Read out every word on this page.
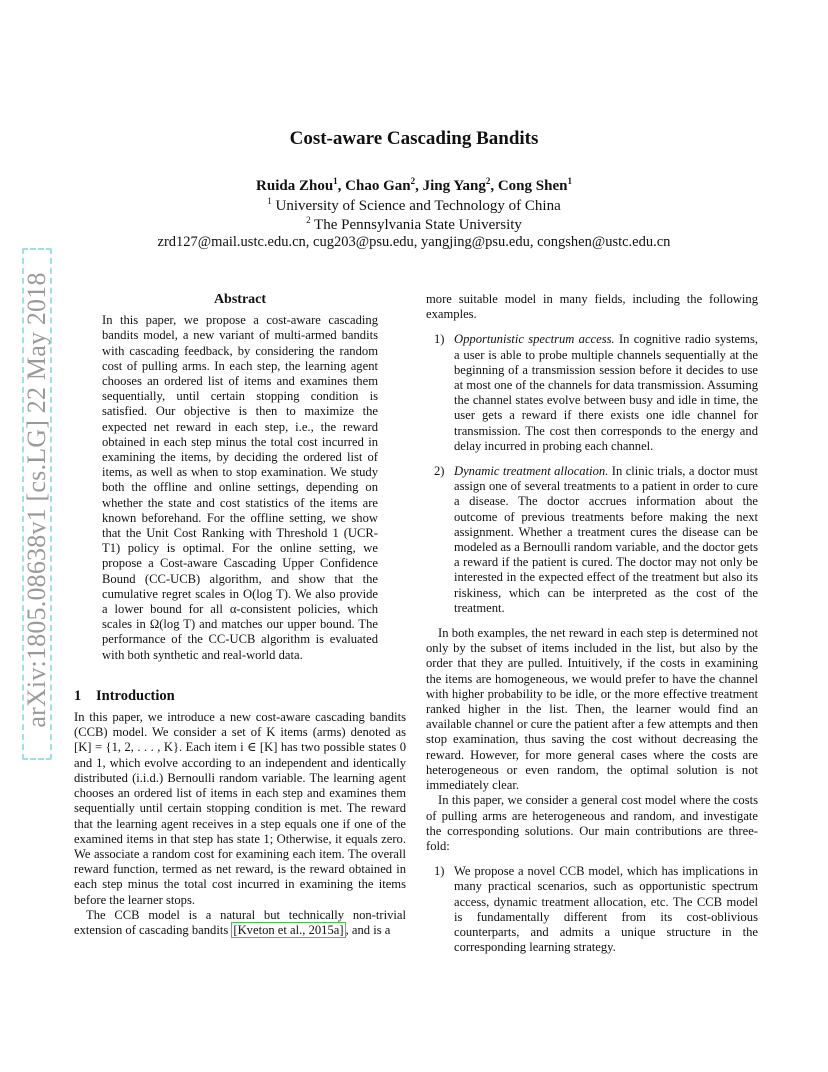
arXiv:1805.08638v1 [cs.LG] 22 May 2018
Cost-aware Cascading Bandits
Ruida Zhou$^1$, Chao Gan$^2$, Jing Yang$^2$, Cong Shen$^1$
$^1$ University of Science and Technology of China
$^2$ The Pennsylvania State University
zrd127@mail.ustc.edu.cn, cug203@psu.edu, yangjing@psu.edu, congshen@ustc.edu.cn
Abstract
In this paper, we propose a cost-aware cascading bandits model, a new variant of multi-armed bandits with cascading feedback, by considering the random cost of pulling arms. In each step, the learning agent chooses an ordered list of items and examines them sequentially, until certain stopping condition is satisfied. Our objective is then to maximize the expected net reward in each step, i.e., the reward obtained in each step minus the total cost incurred in examining the items, by deciding the ordered list of items, as well as when to stop examination. We study both the offline and online settings, depending on whether the state and cost statistics of the items are known beforehand. For the offline setting, we show that the Unit Cost Ranking with Threshold 1 (UCR-T1) policy is optimal. For the online setting, we propose a Cost-aware Cascading Upper Confidence Bound (CC-UCB) algorithm, and show that the cumulative regret scales in O(log T). We also provide a lower bound for all α-consistent policies, which scales in Ω(log T) and matches our upper bound. The performance of the CC-UCB algorithm is evaluated with both synthetic and real-world data.
1 Introduction

In this paper, we introduce a new cost-aware cascading bandits (CCB) model. We consider a set of K items (arms) denoted as [K] = {1, 2, . . . , K}. Each item i ∈ [K] has two possible states 0 and 1, which evolve according to an independent and identically distributed (i.i.d.) Bernoulli random variable. The learning agent chooses an ordered list of items in each step and examines them sequentially until certain stopping condition is met. The reward that the learning agent receives in a step equals one if one of the examined items in that step has state 1; Otherwise, it equals zero. We associate a random cost for examining each item. The overall reward function, termed as net reward, is the reward obtained in each step minus the total cost incurred in examining the items before the learner stops.

The CCB model is a natural but technically non-trivial extension of cascading bandits [Kveton et al., 2015a] , and is a

more suitable model in many fields, including the following examples.

1) Opportunistic spectrum access. In cognitive radio systems, a user is able to probe multiple channels sequentially at the beginning of a transmission session before it decides to use at most one of the channels for data transmission. Assuming the channel states evolve between busy and idle in time, the user gets a reward if there exists one idle channel for transmission. The cost then corresponds to the energy and delay incurred in probing each channel.
2) Dynamic treatment allocation. In clinic trials, a doctor must assign one of several treatments to a patient in order to cure a disease. The doctor accrues information about the outcome of previous treatments before making the next assignment. Whether a treatment cures the disease can be modeled as a Bernoulli random variable, and the doctor gets a reward if the patient is cured. The doctor may not only be interested in the expected effect of the treatment but also its riskiness, which can be interpreted as the cost of the treatment.

In both examples, the net reward in each step is determined not only by the subset of items included in the list, but also by the order that they are pulled. Intuitively, if the costs in examining the items are homogeneous, we would prefer to have the channel with higher probability to be idle, or the more effective treatment ranked higher in the list. Then, the learner would find an available channel or cure the patient after a few attempts and then stop examination, thus saving the cost without decreasing the reward. However, for more general cases where the costs are heterogeneous or even random, the optimal solution is not immediately clear.

In this paper, we consider a general cost model where the costs of pulling arms are heterogeneous and random, and investigate the corresponding solutions. Our main contributions are three-fold:

1) We propose a novel CCB model, which has implications in many practical scenarios, such as opportunistic spectrum access, dynamic treatment allocation, etc. The CCB model is fundamentally different from its cost-oblivious counterparts, and admits a unique structure in the corresponding learning strategy.
